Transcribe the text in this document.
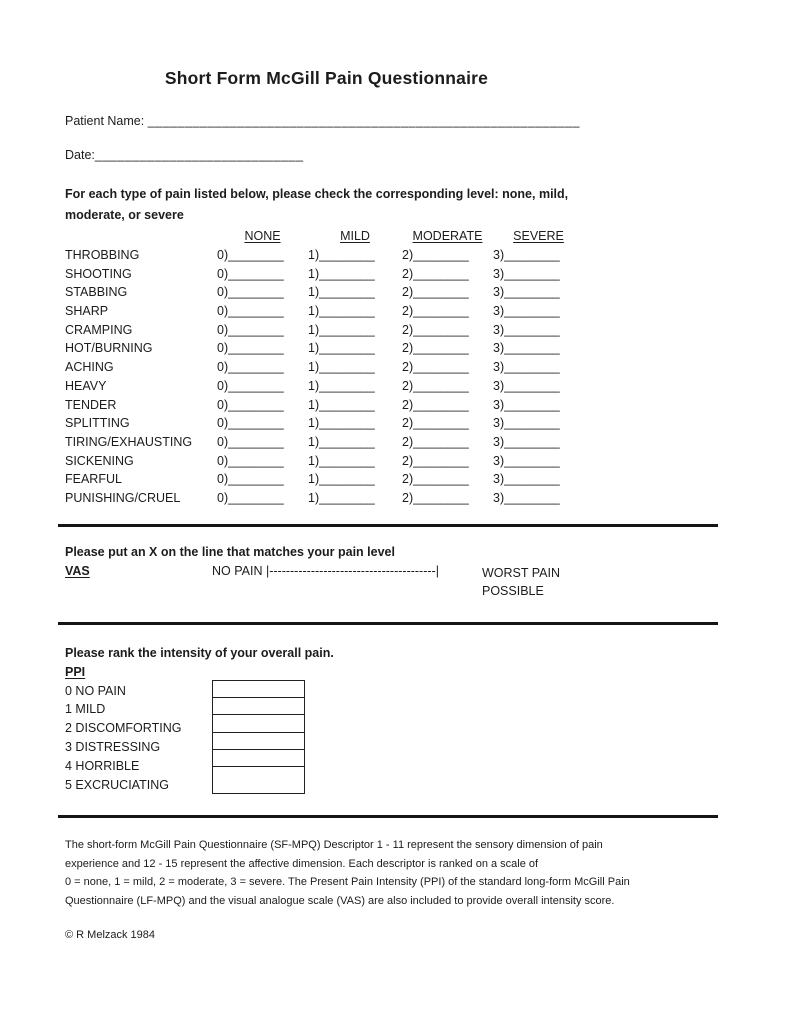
Short Form McGill Pain Questionnaire
Patient Name: __________________________________________________________
Date:____________________________
For each type of pain listed below, please check the corresponding level: none, mild, moderate, or severe
NONE	MILD	MODERATE	SEVERE
THROBBING	0)________	1)________	2)________	3)________
SHOOTING	0)________	1)________	2)________	3)________
STABBING	0)________	1)________	2)________	3)________
SHARP	0)________	1)________	2)________	3)________
CRAMPING	0)________	1)________	2)________	3)________
HOT/BURNING	0)________	1)________	2)________	3)________
ACHING	0)________	1)________	2)________	3)________
HEAVY	0)________	1)________	2)________	3)________
TENDER	0)________	1)________	2)________	3)________
SPLITTING	0)________	1)________	2)________	3)________
TIRING/EXHAUSTING	0)________	1)________	2)________	3)________
SICKENING	0)________	1)________	2)________	3)________
FEARFUL	0)________	1)________	2)________	3)________
PUNISHING/CRUEL	0)________	1)________	2)________	3)________
Please put an X on the line that matches your pain level
VAS	NO PAIN |----------------------------------------|	WORST PAIN
POSSIBLE
Please rank the intensity of your overall pain.
PPI
0 NO PAIN
1 MILD
2 DISCOMFORTING
3 DISTRESSING
4 HORRIBLE
5 EXCRUCIATING
The short-form McGill Pain Questionnaire (SF-MPQ) Descriptor 1 - 11 represent the sensory dimension of pain
experience and 12 - 15 represent the affective dimension. Each descriptor is ranked on a scale of
0 = none, 1 = mild, 2 = moderate, 3 = severe. The Present Pain Intensity (PPI) of the standard long-form McGill Pain
Questionnaire (LF-MPQ) and the visual analogue scale (VAS) are also included to provide overall intensity score.
© R Melzack 1984
